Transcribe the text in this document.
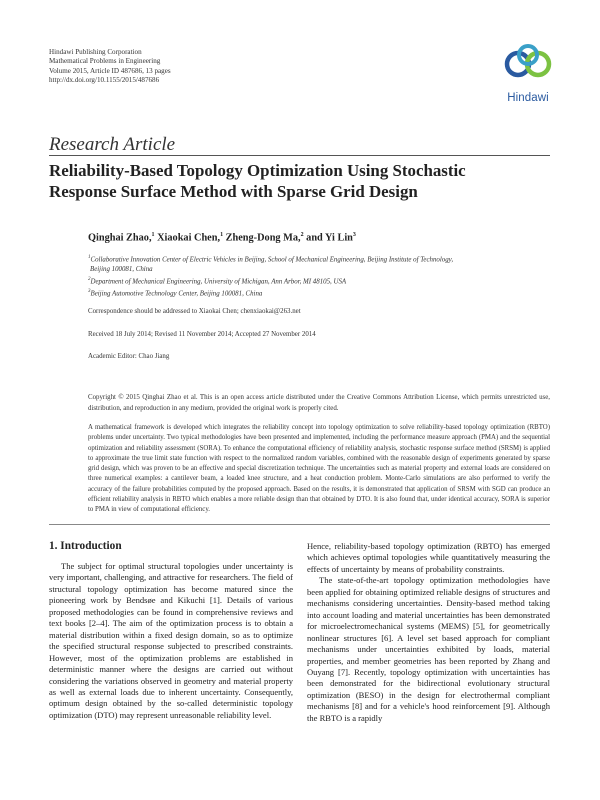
Hindawi Publishing Corporation
Mathematical Problems in Engineering
Volume 2015, Article ID 487686, 13 pages
http://dx.doi.org/10.1155/2015/487686
Hindawi
Research Article
Reliability-Based Topology Optimization Using Stochastic Response Surface Method with Sparse Grid Design
Qinghai Zhao,$^1$ Xiaokai Chen,$^1$ Zheng-Dong Ma,$^2$ and Yi Lin$^3$
$^1$Collaborative Innovation Center of Electric Vehicles in Beijing, School of Mechanical Engineering, Beijing Institute of Technology,
Beijing 100081, China
$^2$Department of Mechanical Engineering, University of Michigan, Ann Arbor, MI 48105, USA
$^3$Beijing Automotive Technology Center, Beijing 100081, China
Correspondence should be addressed to Xiaokai Chen; chenxiaokai@263.net
Received 18 July 2014; Revised 11 November 2014; Accepted 27 November 2014
Academic Editor: Chao Jiang
Copyright © 2015 Qinghai Zhao et al. This is an open access article distributed under the Creative Commons Attribution License, which permits unrestricted use, distribution, and reproduction in any medium, provided the original work is properly cited.
A mathematical framework is developed which integrates the reliability concept into topology optimization to solve reliability-based topology optimization (RBTO) problems under uncertainty. Two typical methodologies have been presented and implemented, including the performance measure approach (PMA) and the sequential optimization and reliability assessment (SORA). To enhance the computational efficiency of reliability analysis, stochastic response surface method (SRSM) is applied to approximate the true limit state function with respect to the normalized random variables, combined with the reasonable design of experiments generated by sparse grid design, which was proven to be an effective and special discretization technique. The uncertainties such as material property and external loads are considered on three numerical examples: a cantilever beam, a loaded knee structure, and a heat conduction problem. Monte-Carlo simulations are also performed to verify the accuracy of the failure probabilities computed by the proposed approach. Based on the results, it is demonstrated that application of SRSM with SGD can produce an efficient reliability analysis in RBTO which enables a more reliable design than that obtained by DTO. It is also found that, under identical accuracy, SORA is superior to PMA in view of computational efficiency.
1. Introduction

The subject for optimal structural topologies under uncertainty is very important, challenging, and attractive for researchers. The field of structural topology optimization has become matured since the pioneering work by Bendsøe and Kikuchi [1]. Details of various proposed methodologies can be found in comprehensive reviews and text books [2–4]. The aim of the optimization process is to obtain a material distribution within a fixed design domain, so as to optimize the specified structural response subjected to prescribed constraints. However, most of the optimization problems are established in deterministic manner where the designs are carried out without considering the variations observed in geometry and material property as well as external loads due to inherent uncertainty. Consequently, optimum design obtained by the so-called deterministic topology optimization (DTO) may represent unreasonable reliability level.

Hence, reliability-based topology optimization (RBTO) has emerged which achieves optimal topologies while quantitatively measuring the effects of uncertainty by means of probability constraints.

The state-of-the-art topology optimization methodologies have been applied for obtaining optimized reliable designs of structures and mechanisms considering uncertainties. Density-based method taking into account loading and material uncertainties has been demonstrated for microelectromechanical systems (MEMS) [5], for geometrically nonlinear structures [6]. A level set based approach for compliant mechanisms under uncertainties exhibited by loads, material properties, and member geometries has been reported by Zhang and Ouyang [7]. Recently, topology optimization with uncertainties has been demonstrated for the bidirectional evolutionary structural optimization (BESO) in the design for electrothermal compliant mechanisms [8] and for a vehicle's hood reinforcement [9]. Although the RBTO is a rapidly
